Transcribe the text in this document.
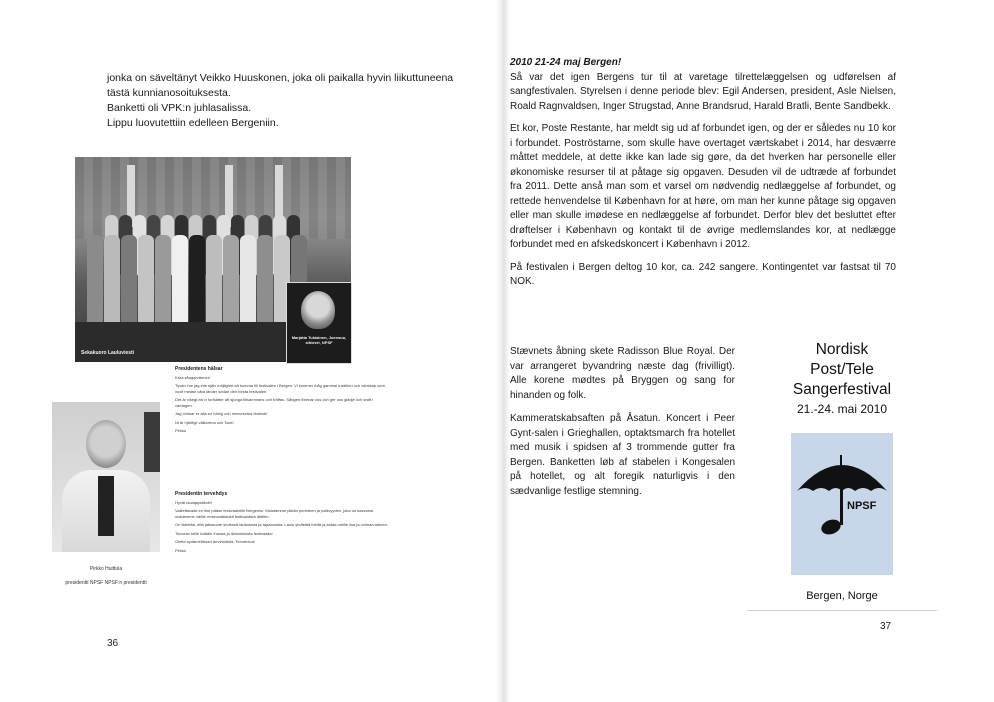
jonka on säveltänyt Veikko Huuskonen, joka oli paikalla hyvin liikuttuneena

tästä kunnianosoituksesta.

Banketti oli VPK:n juhlasalissa.

Lippu luovutettiin edelleen Bergeniin.

Sekakuoro Lauluviesti
Marjatta Tukiainen, Joensuu, sihteeri, NPSF
Pirkko Huittula
presidentti NPSF NPSF:n presidentti
Presidentens hälsar

Kära sångarvänner!

Tyvärr har jag inte själv möjlighet att komma till festivalen i Bergen. Vi kommer ihåg gammal tradition och vänskap som vuxit mellan våra länder sedan den första festivalen.

Det är viktigt att vi fortsätter att sjunga tillsammans och träffas. Sången förenar oss och ger oss glädje och kraft i vardagen.

Jag önskar er alla en härlig och minnesvärd festival!

Ni är hjärtligt välkomna och Tack!

Pirkko

Presidentin tervehdys

Hyvät laulajaystävät!

Valitettavasti en itse pääse festivaaleille Bergeniin. Muistamme pitkän perinteen ja ystävyyden, joka on kasvanut maidemme välille ensimmäisestä festivaalista lähtien.

On tärkeää, että jatkamme yhdessä laulamista ja tapaamista. Laulu yhdistää meitä ja antaa meille iloa ja voimaa arkeen.

Toivotan teille kaikille ihanaa ja ikimuistoista festivaalia!

Olette sydämellisesti tervetulleita, Tervetuloa!

Pirkko

36

2010 21-24 maj Bergen!

Så var det igen Bergens tur til at varetage tilrettelæggelsen og udførelsen af sangfestivalen. Styrelsen i denne periode blev: Egil Andersen, president, Asle Nielsen, Roald Ragnvaldsen, Inger Strugstad, Anne Brandsrud, Harald Bratli, Bente Sandbekk.

Et kor, Poste Restante, har meldt sig ud af forbundet igen, og der er således nu 10 kor i forbundet. Poströstarne, som skulle have overtaget værtskabet i 2014, har desværre måttet meddele, at dette ikke kan lade sig gøre, da det hverken har personelle eller økonomiske resurser til at påtage sig opgaven. Desuden vil de udtræde af forbundet fra 2011. Dette anså man som et varsel om nødvendig nedlæggelse af forbundet, og rettede henvendelse til København for at høre, om man her kunne påtage sig opgaven eller man skulle imødese en nedlæggelse af forbundet. Derfor blev det besluttet efter drøftelser i København og kontakt til de øvrige medlemslandes kor, at nedlægge forbundet med en afskedskoncert i København i 2012.

På festivalen i Bergen deltog 10 kor, ca. 242 sangere. Kontingentet var fastsat til 70 NOK.

Stævnets åbning skete Radisson Blue Royal. Der var arrangeret byvandring næste dag (frivilligt). Alle korene mødtes på Bryggen og sang for hinanden og folk.

Kammeratskabsaften på Åsatun. Koncert i Peer Gynt-salen i Grieghallen, optaktsmarch fra hotellet med musik i spidsen af 3 trommende gutter fra Bergen. Banketten løb af stabelen i Kongesalen på hotellet, og alt foregik naturligvis i den sædvanlige festlige stemning.

Nordisk
Post/Tele
Sangerfestival
21.-24. mai 2010
NPSF
Bergen, Norge
37
